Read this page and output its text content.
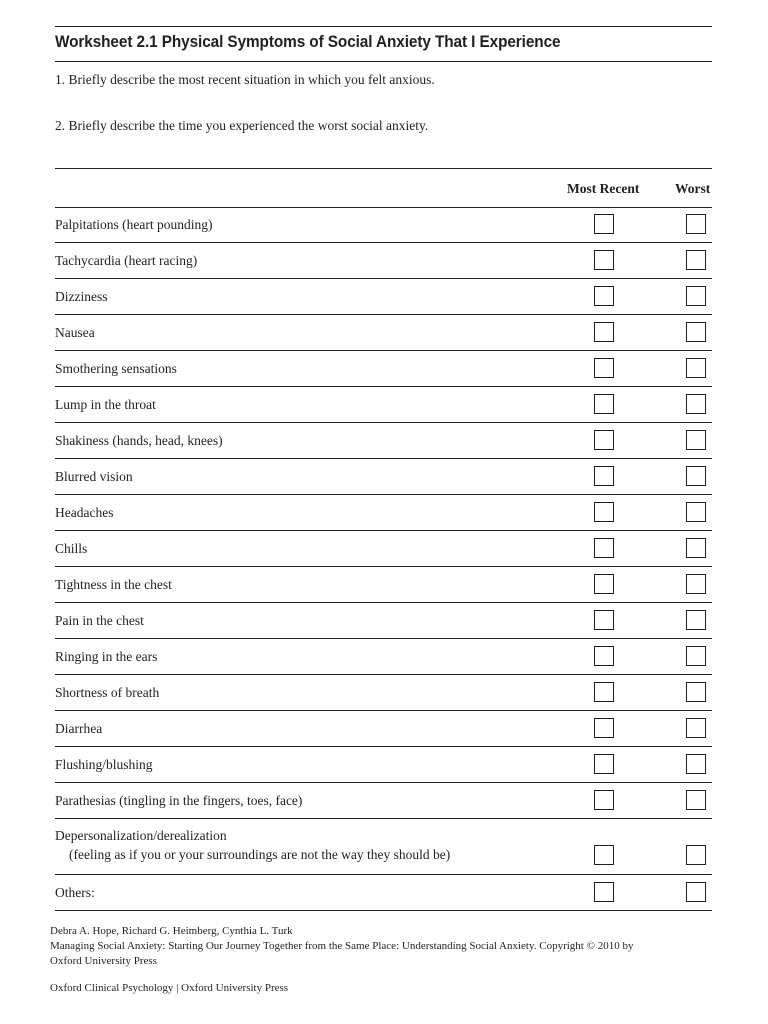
Worksheet 2.1 Physical Symptoms of Social Anxiety That I Experience
1. Briefly describe the most recent situation in which you felt anxious.
2. Briefly describe the time you experienced the worst social anxiety.
Most Recent	Worst
Palpitations (heart pounding)
Tachycardia (heart racing)
Dizziness
Nausea
Smothering sensations
Lump in the throat
Shakiness (hands, head, knees)
Blurred vision
Headaches
Chills
Tightness in the chest
Pain in the chest
Ringing in the ears
Shortness of breath
Diarrhea
Flushing/blushing
Parathesias (tingling in the fingers, toes, face)
Depersonalization/derealization
(feeling as if you or your surroundings are not the way they should be)
Others:
Debra A. Hope, Richard G. Heimberg, Cynthia L. Turk
Managing Social Anxiety: Starting Our Journey Together from the Same Place: Understanding Social Anxiety. Copyright © 2010 by
Oxford University Press
Oxford Clinical Psychology | Oxford University Press
